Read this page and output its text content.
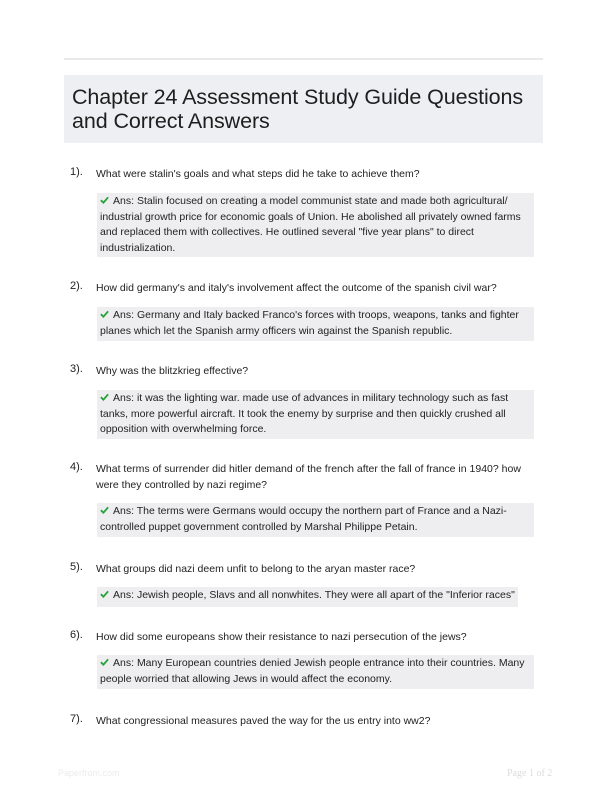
Chapter 24 Assessment Study Guide Questions and Correct Answers
1). What were stalin's goals and what steps did he take to achieve them?
Ans: Stalin focused on creating a model communist state and made both agricultural/ industrial growth price for economic goals of Union. He abolished all privately owned farms and replaced them with collectives. He outlined several "five year plans" to direct industrialization.
2). How did germany's and italy's involvement affect the outcome of the spanish civil war?
Ans: Germany and Italy backed Franco's forces with troops, weapons, tanks and fighter planes which let the Spanish army officers win against the Spanish republic.
3). Why was the blitzkrieg effective?
Ans: it was the lighting war. made use of advances in military technology such as fast tanks, more powerful aircraft. It took the enemy by surprise and then quickly crushed all opposition with overwhelming force.
4). What terms of surrender did hitler demand of the french after the fall of france in 1940? how were they controlled by nazi regime?
Ans: The terms were Germans would occupy the northern part of France and a Nazi-controlled puppet government controlled by Marshal Philippe Petain.
5). What groups did nazi deem unfit to belong to the aryan master race?
Ans: Jewish people, Slavs and all nonwhites. They were all apart of the "Inferior races"
6). How did some europeans show their resistance to nazi persecution of the jews?
Ans: Many European countries denied Jewish people entrance into their countries. Many people worried that allowing Jews in would affect the economy.
7). What congressional measures paved the way for the us entry into ww2?
Paperfrom.com	Page 1 of 2
